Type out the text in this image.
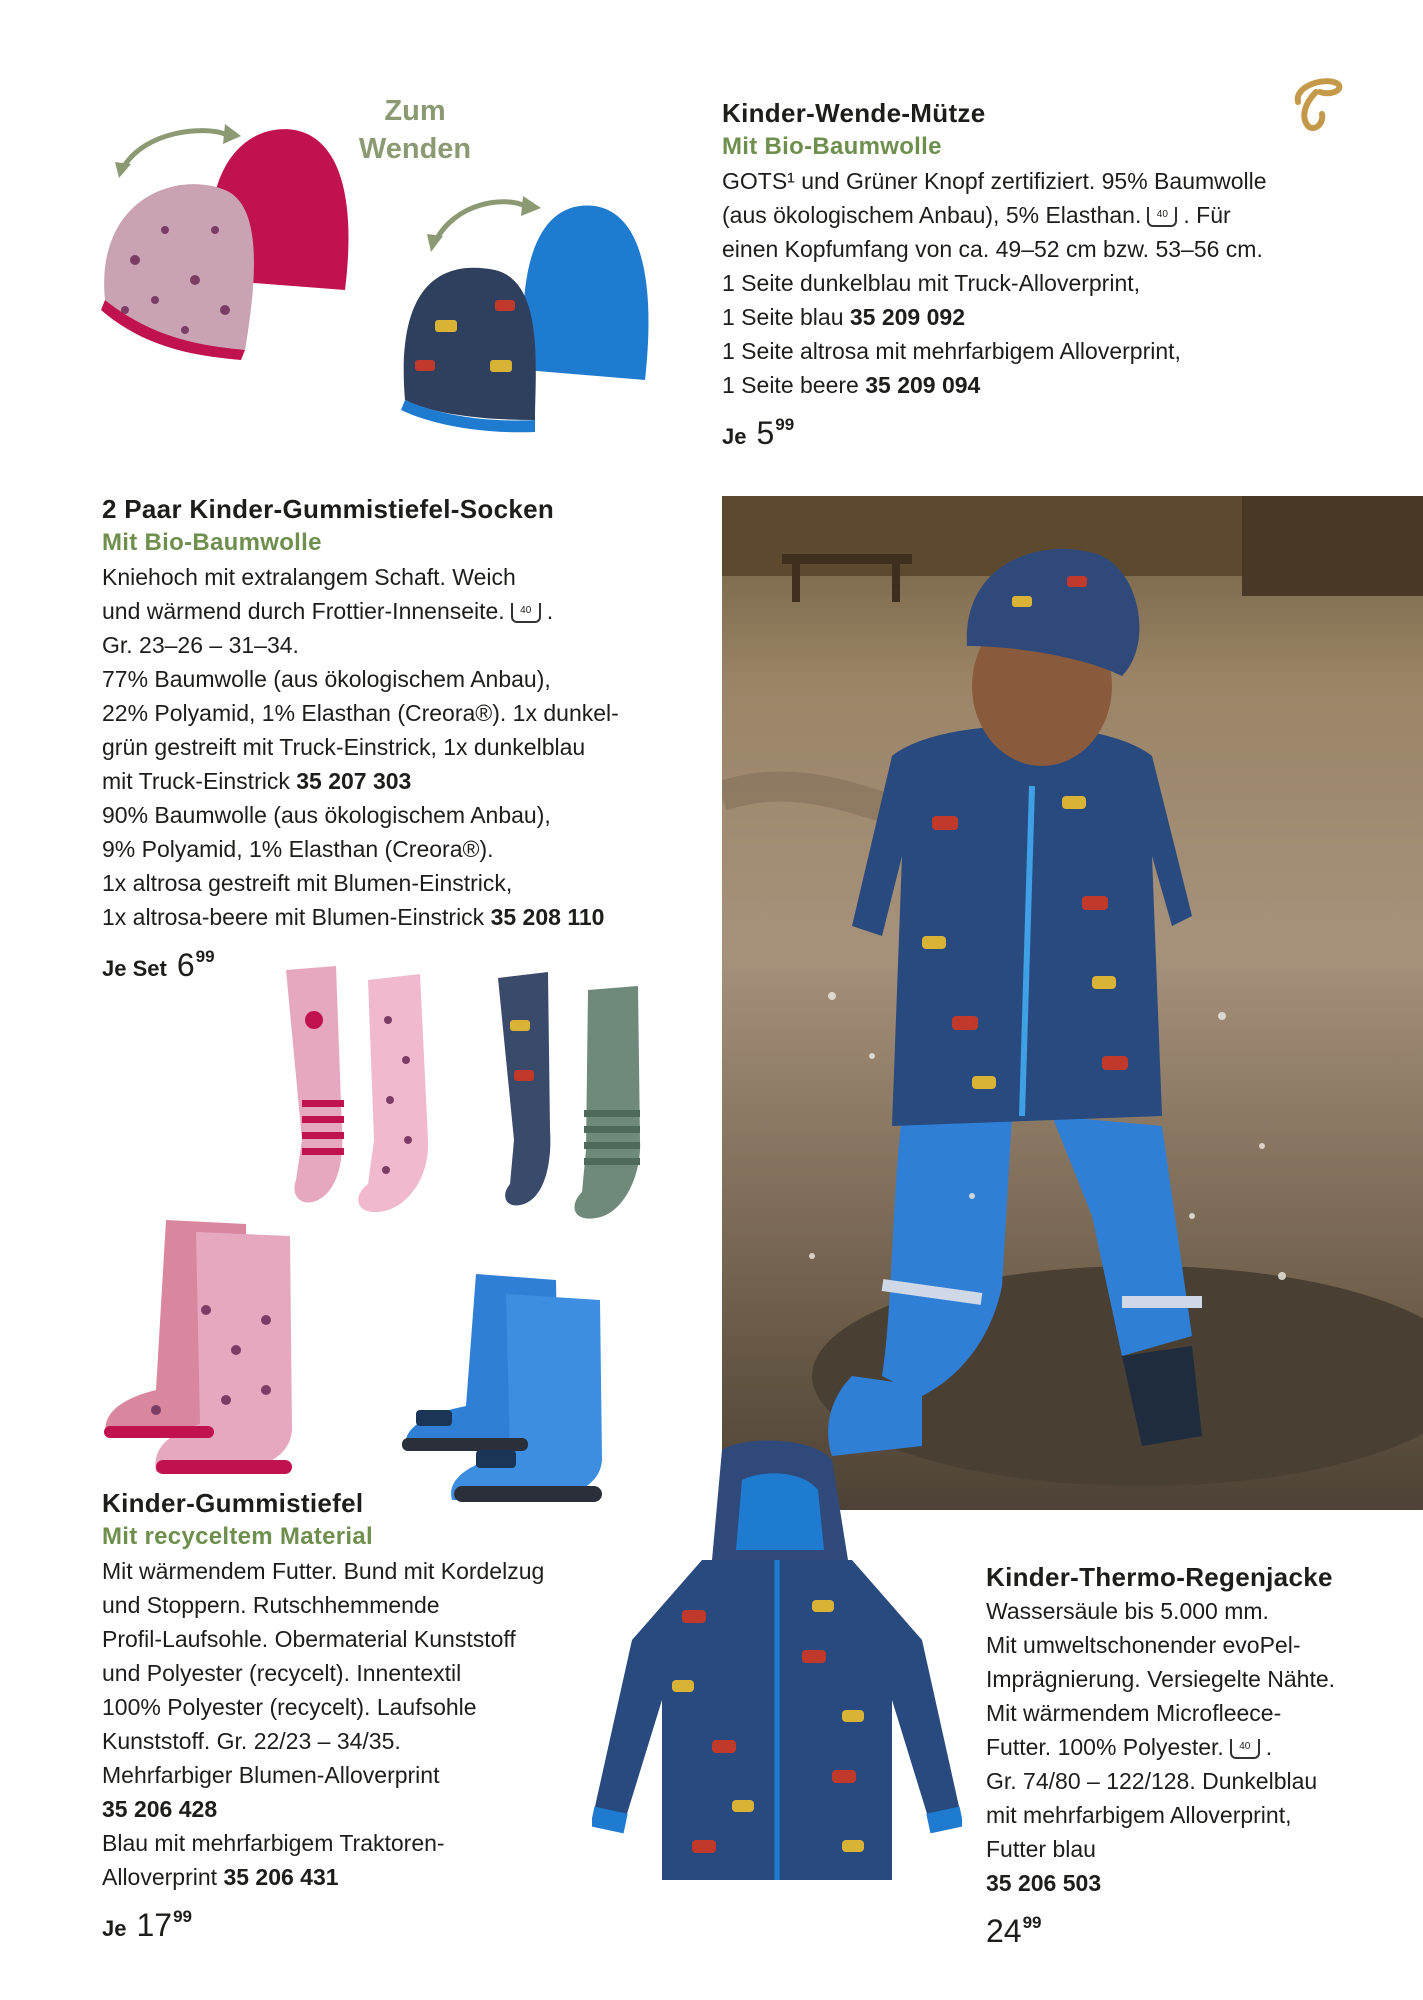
Zum Wenden
Kinder-Wende-Mütze
Mit Bio-Baumwolle
GOTS¹ und Grüner Knopf zertifiziert. 95% Baumwolle
(aus ökologischem Anbau), 5% Elasthan. 40 . Für
einen Kopfumfang von ca. 49–52 cm bzw. 53–56 cm.
1 Seite dunkelblau mit Truck-Alloverprint,
1 Seite blau 35 209 092
1 Seite altrosa mit mehrfarbigem Alloverprint,
1 Seite beere 35 209 094
Je $5^{99}$
2 Paar Kinder-Gummistiefel-Socken
Mit Bio-Baumwolle
Kniehoch mit extralangem Schaft. Weich
und wärmend durch Frottier-Innenseite. 40 .
Gr. 23–26 – 31–34.
77% Baumwolle (aus ökologischem Anbau),
22% Polyamid, 1% Elasthan (Creora®). 1x dunkel-
grün gestreift mit Truck-Einstrick, 1x dunkelblau
mit Truck-Einstrick 35 207 303
90% Baumwolle (aus ökologischem Anbau),
9% Polyamid, 1% Elasthan (Creora®).
1x altrosa gestreift mit Blumen-Einstrick,
1x altrosa-beere mit Blumen-Einstrick 35 208 110
Je Set $6^{99}$
Kinder-Gummistiefel
Mit recyceltem Material
Mit wärmendem Futter. Bund mit Kordelzug
und Stoppern. Rutschhemmende
Profil-Laufsohle. Obermaterial Kunststoff
und Polyester (recycelt). Innentextil
100% Polyester (recycelt). Laufsohle
Kunststoff. Gr. 22/23 – 34/35.
Mehrfarbiger Blumen-Alloverprint
35 206 428
Blau mit mehrfarbigem Traktoren-
Alloverprint 35 206 431
Je $17^{99}$
Kinder-Thermo-Regenjacke
Wassersäule bis 5.000 mm.
Mit umweltschonender evoPel-
Imprägnierung. Versiegelte Nähte.
Mit wärmendem Microfleece-
Futter. 100% Polyester. 40 .
Gr. 74/80 – 122/128. Dunkelblau
mit mehrfarbigem Alloverprint,
Futter blau
35 206 503
$24^{99}$
